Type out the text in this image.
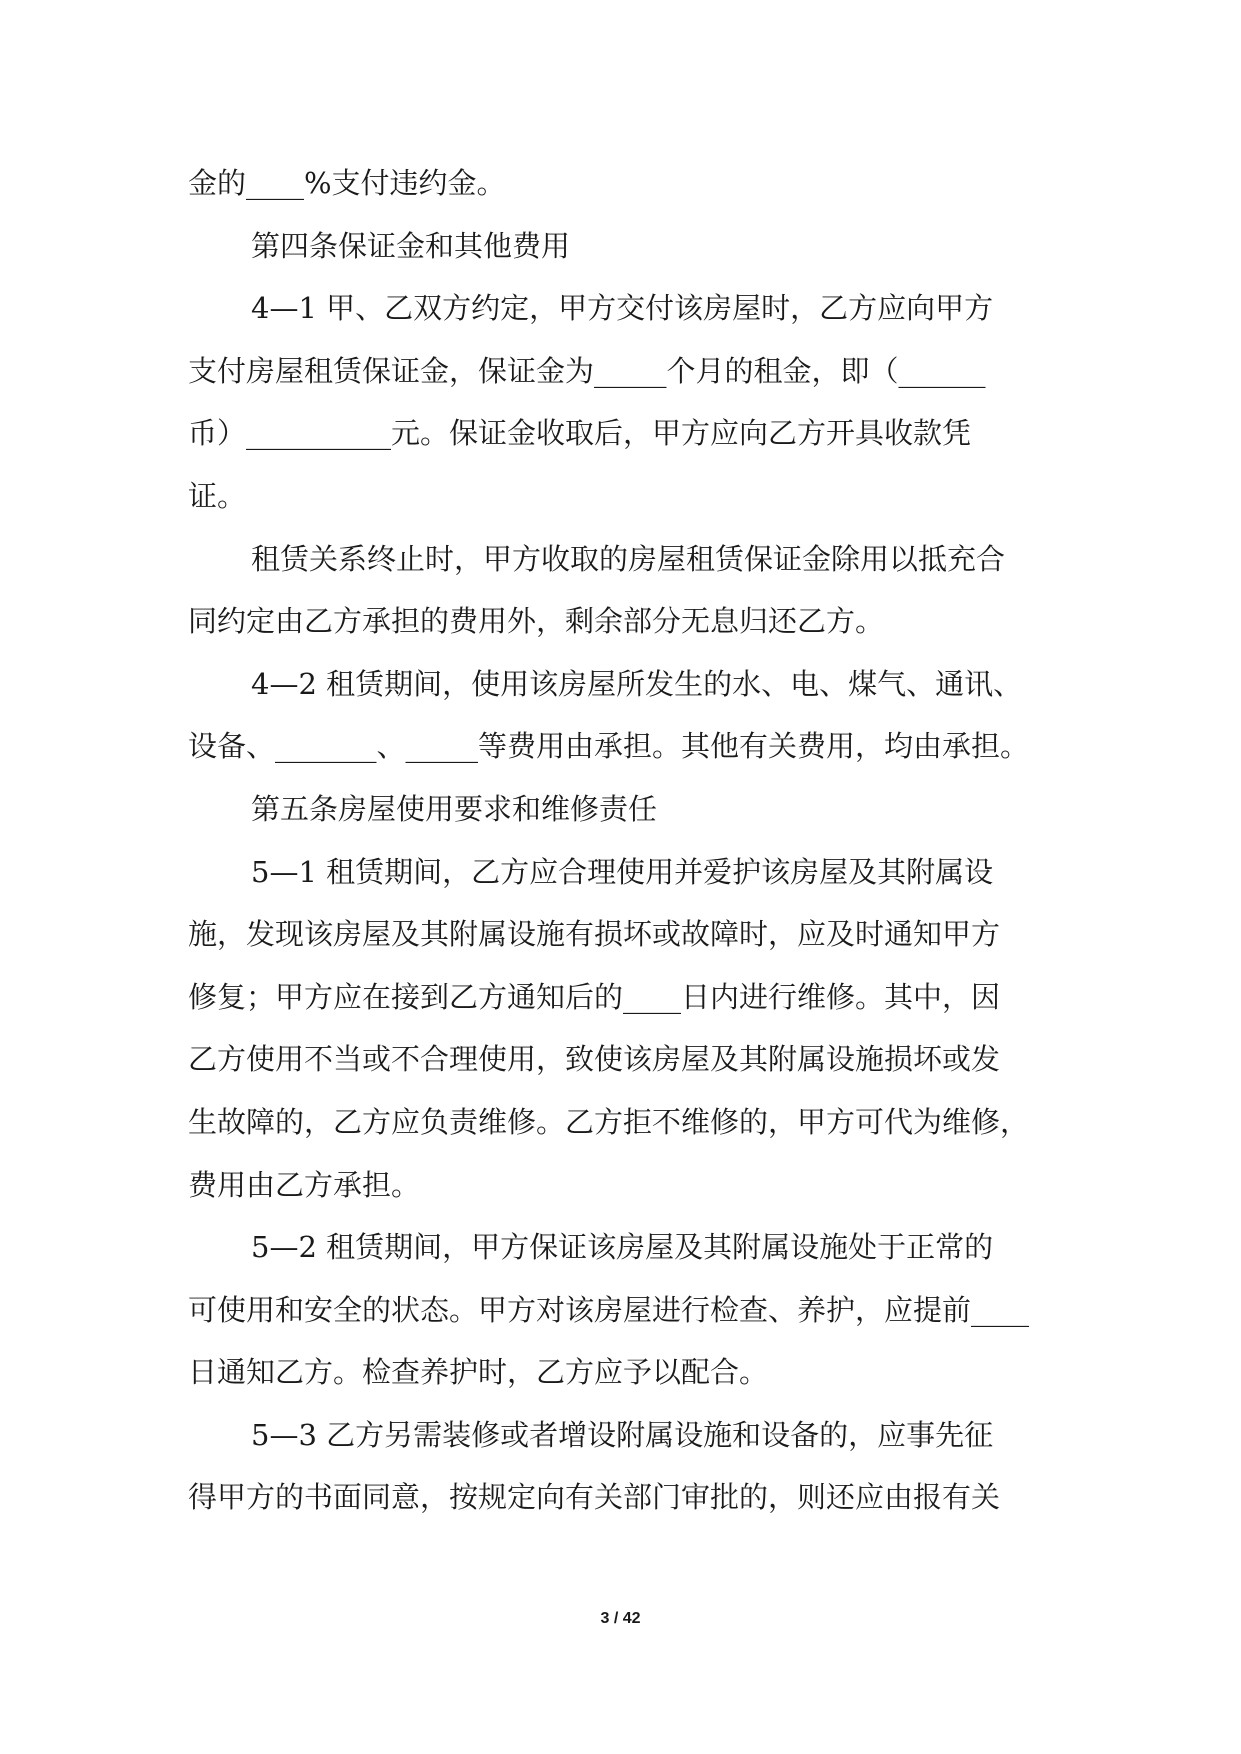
金的____%支付违约金。
第四条保证金和其他费用
4—1 甲、乙双方约定，甲方交付该房屋时，乙方应向甲方
支付房屋租赁保证金，保证金为_____个月的租金，即（______
币）__________元。保证金收取后，甲方应向乙方开具收款凭
证。
租赁关系终止时，甲方收取的房屋租赁保证金除用以抵充合
同约定由乙方承担的费用外，剩余部分无息归还乙方。
4—2 租赁期间，使用该房屋所发生的水、电、煤气、通讯、
设备、_______、_____等费用由承担。其他有关费用，均由承担。
第五条房屋使用要求和维修责任
5—1 租赁期间，乙方应合理使用并爱护该房屋及其附属设
施，发现该房屋及其附属设施有损坏或故障时，应及时通知甲方
修复；甲方应在接到乙方通知后的____日内进行维修。其中，因
乙方使用不当或不合理使用，致使该房屋及其附属设施损坏或发
生故障的，乙方应负责维修。乙方拒不维修的，甲方可代为维修，
费用由乙方承担。
5—2 租赁期间，甲方保证该房屋及其附属设施处于正常的
可使用和安全的状态。甲方对该房屋进行检查、养护，应提前____
日通知乙方。检查养护时，乙方应予以配合。
5—3 乙方另需装修或者增设附属设施和设备的，应事先征
得甲方的书面同意，按规定向有关部门审批的，则还应由报有关
3 / 42
